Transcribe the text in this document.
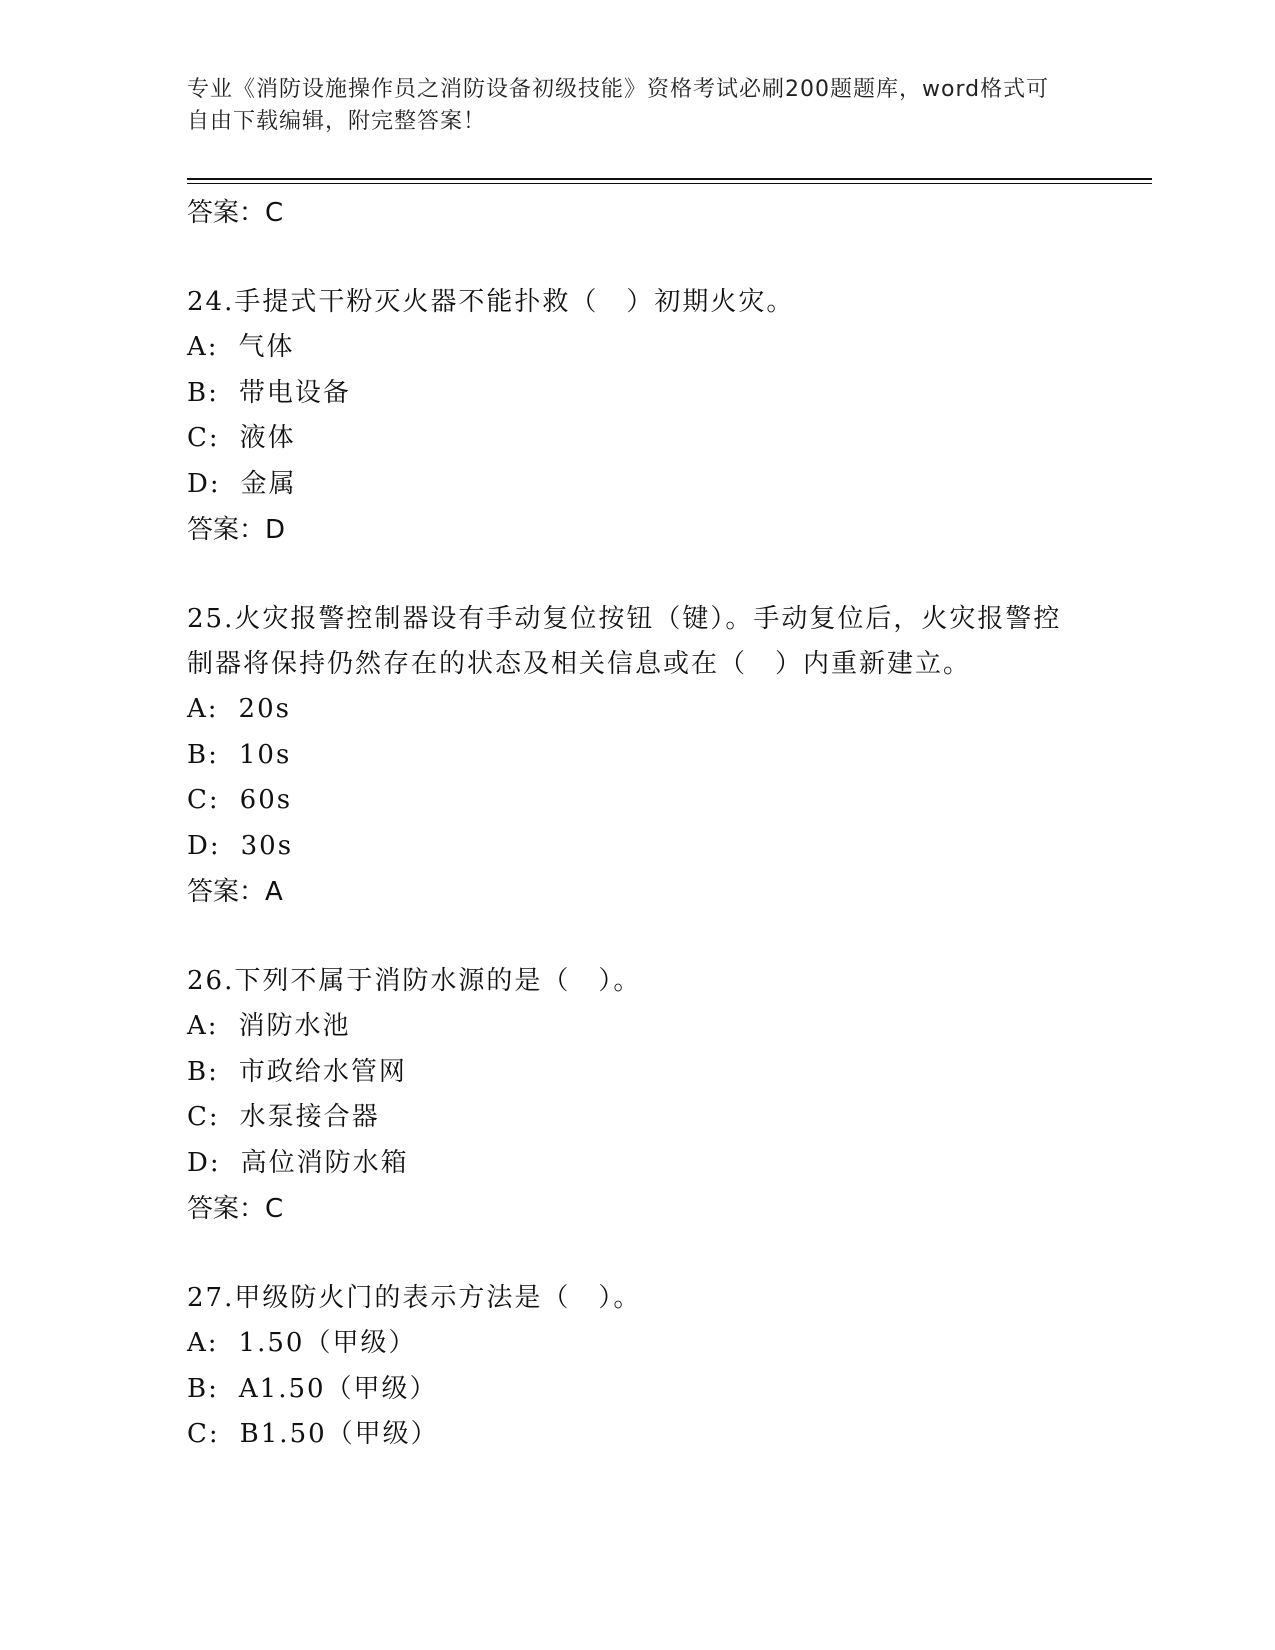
专业《消防设施操作员之消防设备初级技能》资格考试必刷200题题库，word格式可自由下载编辑，附完整答案！
答案：C
24.手提式干粉灭火器不能扑救（　）初期火灾。
A: 气体
B: 带电设备
C: 液体
D: 金属
答案：D
25.火灾报警控制器设有手动复位按钮（键）。手动复位后，火灾报警控制器将保持仍然存在的状态及相关信息或在（　）内重新建立。
A: 20s
B: 10s
C: 60s
D: 30s
答案：A
26.下列不属于消防水源的是（　）。
A: 消防水池
B: 市政给水管网
C: 水泵接合器
D: 高位消防水箱
答案：C
27.甲级防火门的表示方法是（　）。
A: 1.50（甲级）
B: A1.50（甲级）
C: B1.50（甲级）
